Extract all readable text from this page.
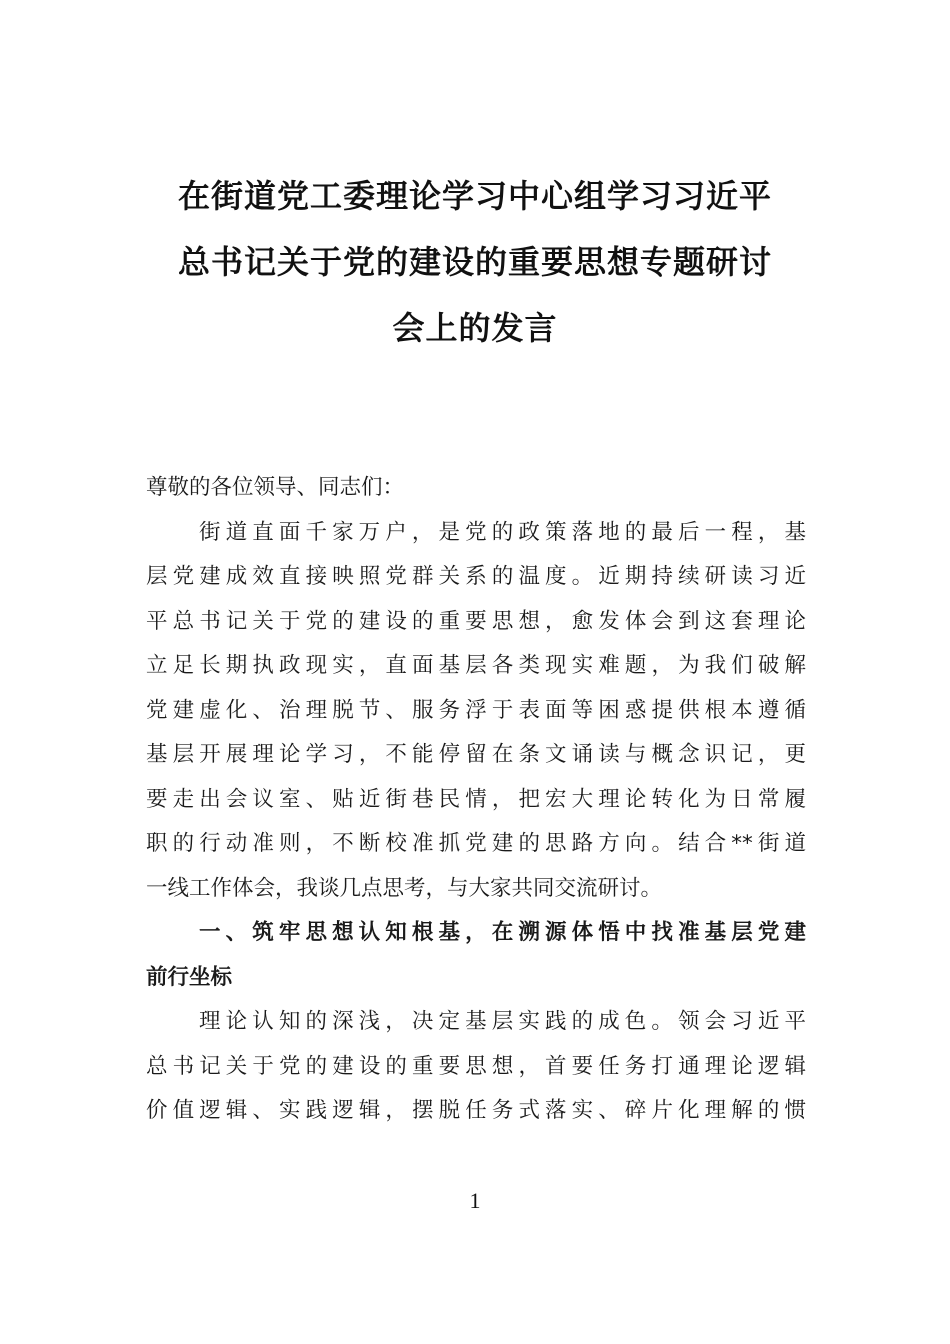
在街道党工委理论学习中心组学习习近平
总书记关于党的建设的重要思想专题研讨
会上的发言
尊敬的各位领导、同志们：
街道直面千家万户，是党的政策落地的最后一程，基
层党建成效直接映照党群关系的温度。近期持续研读习近
平总书记关于党的建设的重要思想，愈发体会到这套理论
立足长期执政现实，直面基层各类现实难题，为我们破解
党建虚化、治理脱节、服务浮于表面等困惑提供根本遵循
基层开展理论学习，不能停留在条文诵读与概念识记，更
要走出会议室、贴近街巷民情，把宏大理论转化为日常履
职的行动准则，不断校准抓党建的思路方向。结合**街道
一线工作体会，我谈几点思考，与大家共同交流研讨。
一、筑牢思想认知根基，在溯源体悟中找准基层党建
前行坐标
理论认知的深浅，决定基层实践的成色。领会习近平
总书记关于党的建设的重要思想，首要任务打通理论逻辑
价值逻辑、实践逻辑，摆脱任务式落实、碎片化理解的惯
1
